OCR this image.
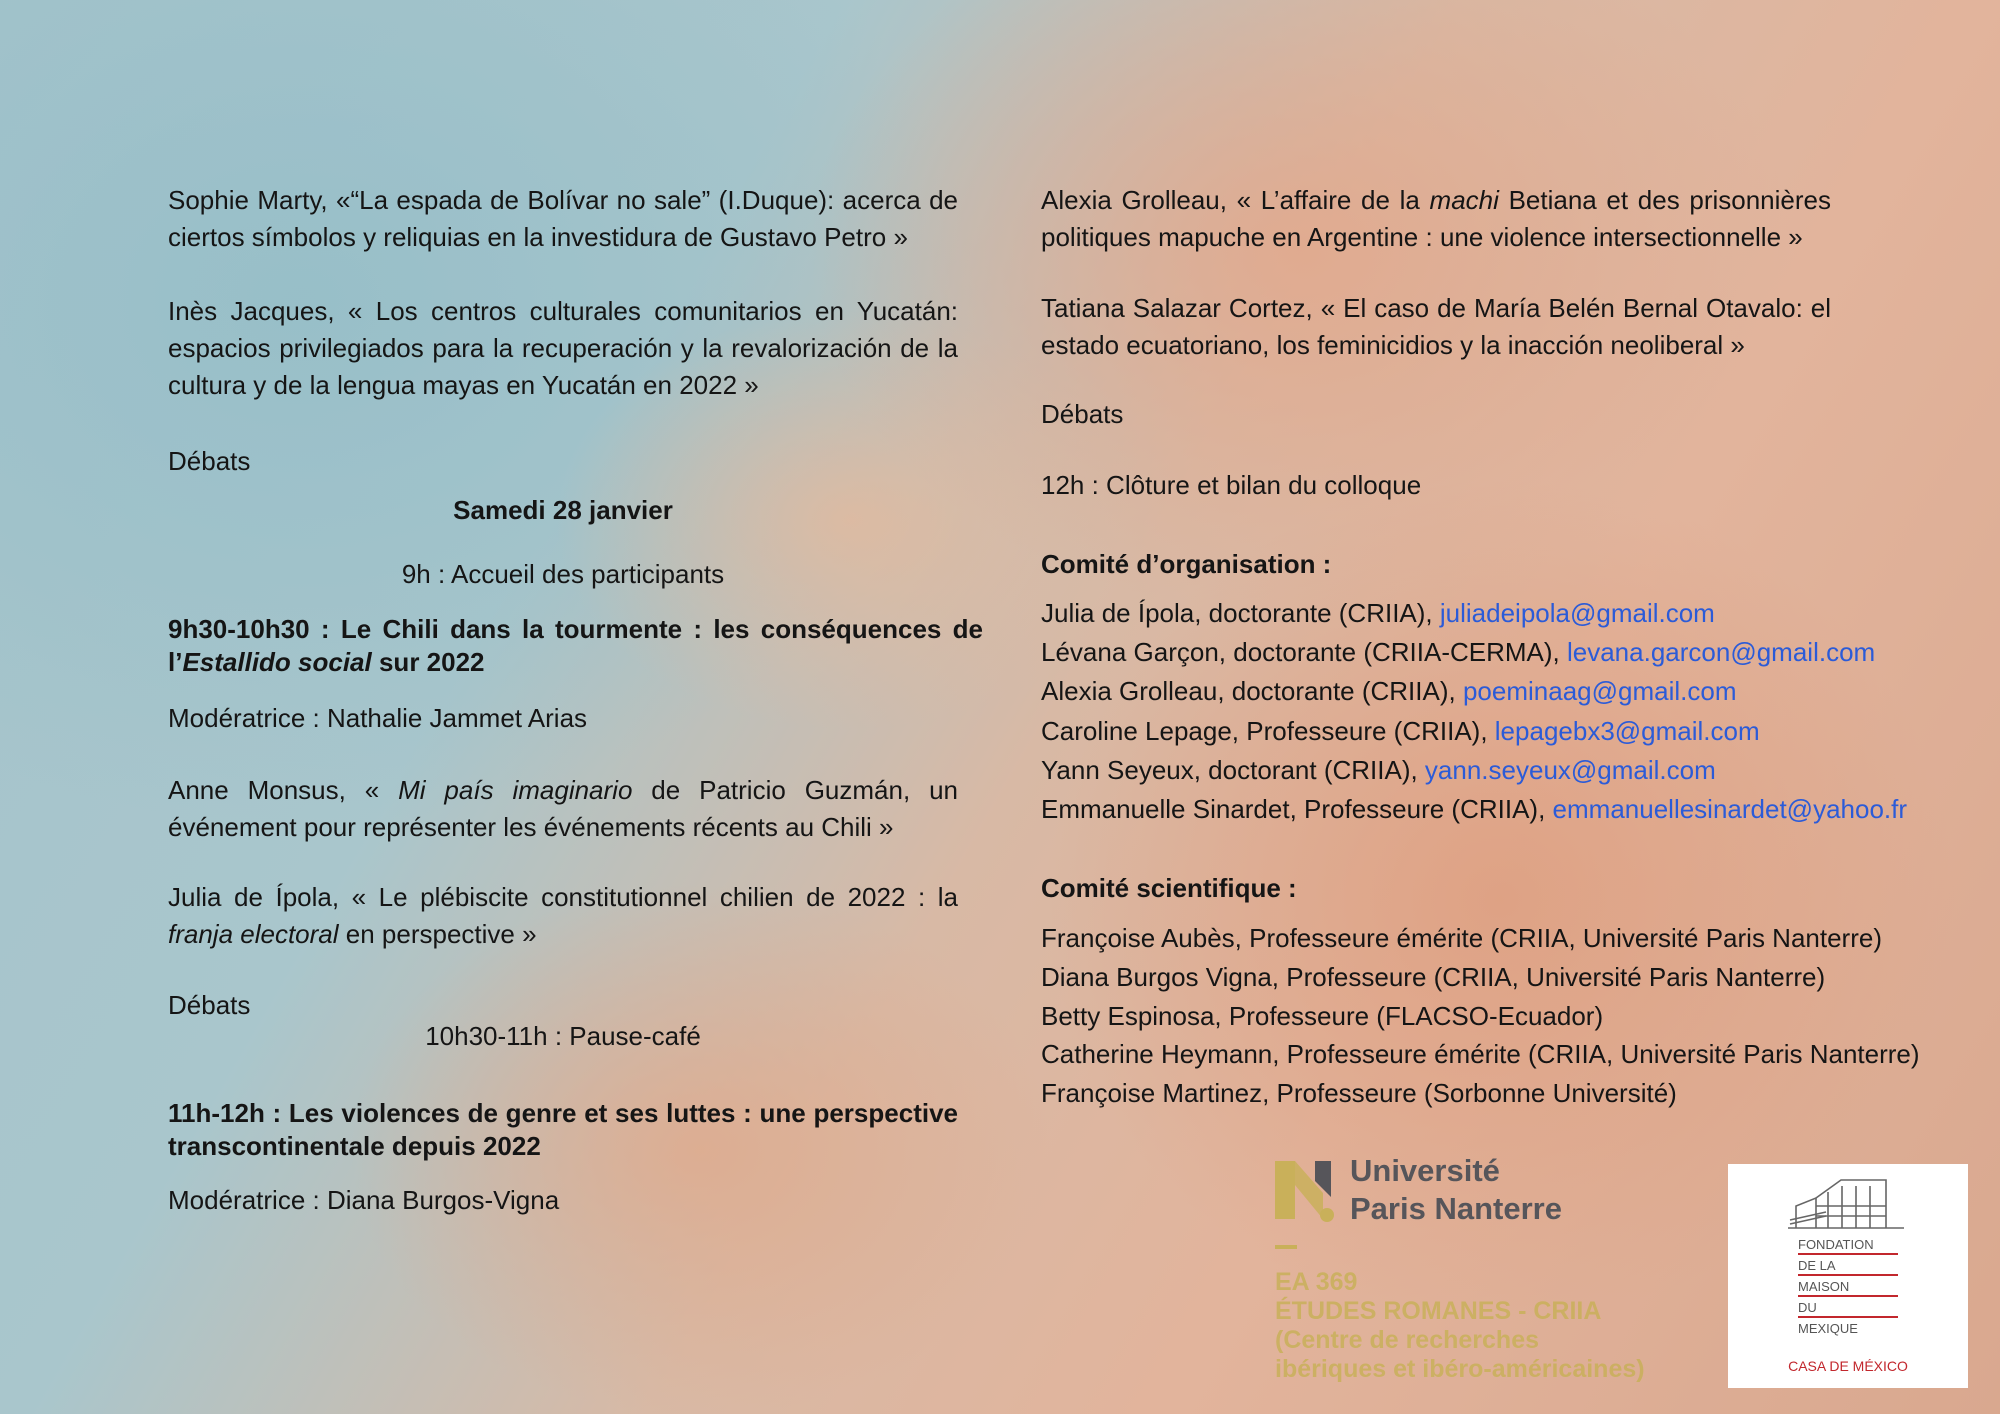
Sophie Marty, «“La espada de Bolívar no sale” (I.Duque): acerca de ciertos símbolos y reliquias en la investidura de Gustavo Petro »

Inès Jacques, « Los centros culturales comunitarios en Yucatán: espacios privilegiados para la recuperación y la revalorización de la cultura y de la lengua mayas en Yucatán en 2022 »

Débats

Samedi 28 janvier

9h : Accueil des participants

9h30-10h30 : Le Chili dans la tourmente : les conséquences de l’Estallido social sur 2022

Modératrice : Nathalie Jammet Arias

Anne Monsus, « Mi país imaginario de Patricio Guzmán, un événement pour représenter les événements récents au Chili »

Julia de Ípola, « Le plébiscite constitutionnel chilien de 2022 : la franja electoral en perspective »

Débats

10h30-11h : Pause-café

11h-12h : Les violences de genre et ses luttes : une perspective transcontinentale depuis 2022

Modératrice : Diana Burgos-Vigna

Alexia Grolleau, « L’affaire de la machi Betiana et des prisonnières politiques mapuche en Argentine : une violence intersectionnelle »

Tatiana Salazar Cortez, « El caso de María Belén Bernal Otavalo: el estado ecuatoriano, los feminicidios y la inacción neoliberal »

Débats

12h : Clôture et bilan du colloque

Comité d’organisation :

Julia de Ípola, doctorante (CRIIA), juliadeipola@gmail.com

Lévana Garçon, doctorante (CRIIA-CERMA), levana.garcon@gmail.com

Alexia Grolleau, doctorante (CRIIA), poeminaag@gmail.com

Caroline Lepage, Professeure (CRIIA), lepagebx3@gmail.com

Yann Seyeux, doctorant (CRIIA), yann.seyeux@gmail.com

Emmanuelle Sinardet, Professeure (CRIIA), emmanuellesinardet@yahoo.fr

Comité scientifique :

Françoise Aubès, Professeure émérite (CRIIA, Université Paris Nanterre)

Diana Burgos Vigna, Professeure (CRIIA, Université Paris Nanterre)

Betty Espinosa, Professeure (FLACSO-Ecuador)

Catherine Heymann, Professeure émérite (CRIIA, Université Paris Nanterre)

Françoise Martinez, Professeure (Sorbonne Université)

Université
Paris Nanterre
EA 369
ÉTUDES ROMANES - CRIIA
(Centre de recherches
ibériques et ibéro-américaines)
FONDATION
DE LA
MAISON
DU
MEXIQUE
CASA DE MÉXICO
